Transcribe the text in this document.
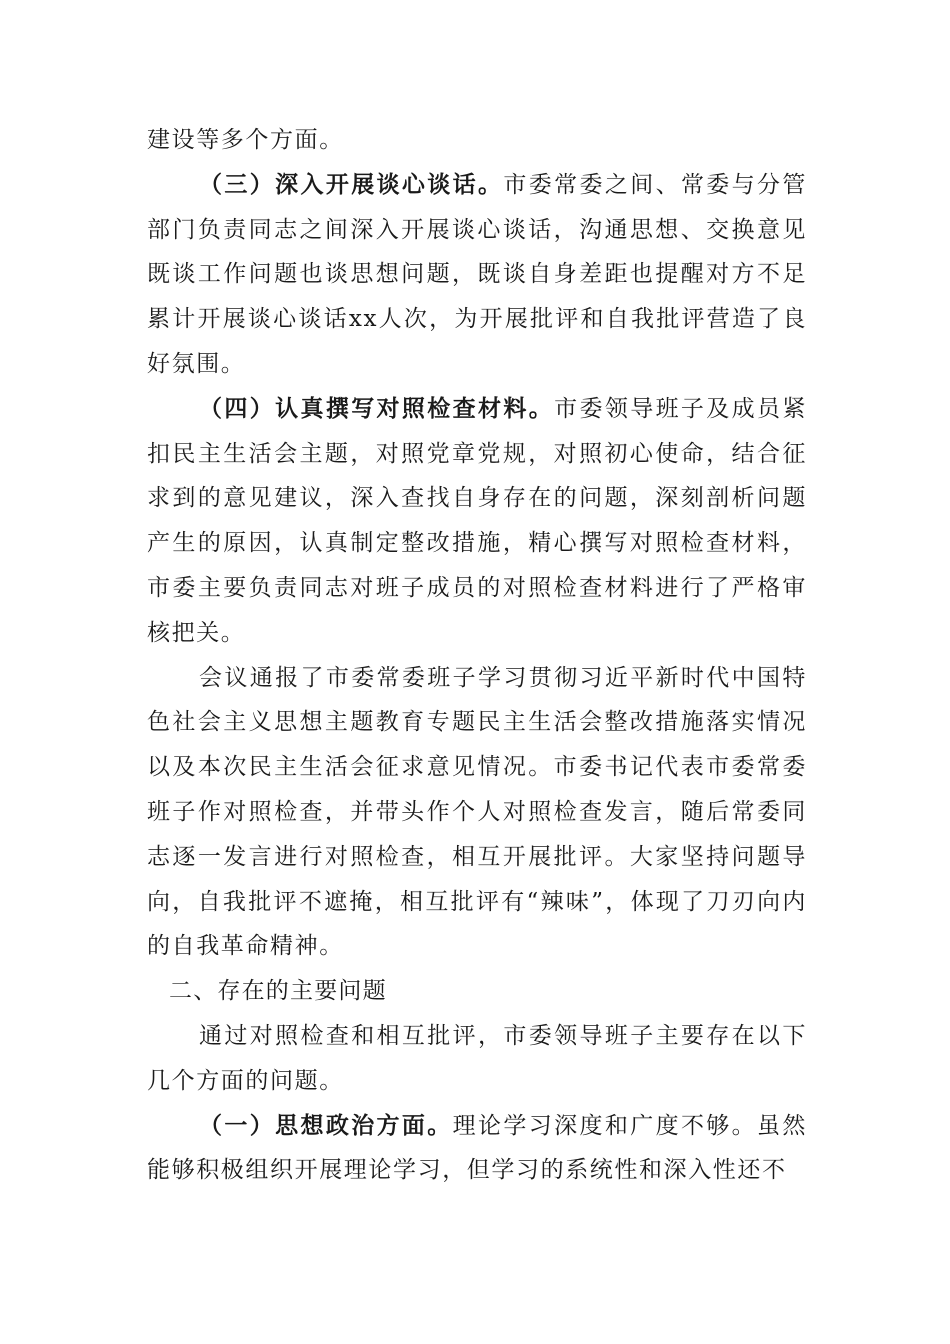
建设等多个方面。

（三）深入开展谈心谈话。市委常委之间、常委与分管部门负责同志之间深入开展谈心谈话，沟通思想、交换意见既谈工作问题也谈思想问题，既谈自身差距也提醒对方不足累计开展谈心谈话xx人次，为开展批评和自我批评营造了良好氛围。

（四）认真撰写对照检查材料。市委领导班子及成员紧扣民主生活会主题，对照党章党规，对照初心使命，结合征求到的意见建议，深入查找自身存在的问题，深刻剖析问题产生的原因，认真制定整改措施，精心撰写对照检查材料，市委主要负责同志对班子成员的对照检查材料进行了严格审核把关。

会议通报了市委常委班子学习贯彻习近平新时代中国特色社会主义思想主题教育专题民主生活会整改措施落实情况以及本次民主生活会征求意见情况。市委书记代表市委常委班子作对照检查，并带头作个人对照检查发言，随后常委同志逐一发言进行对照检查，相互开展批评。大家坚持问题导向，自我批评不遮掩，相互批评有“辣味”，体现了刀刃向内的自我革命精神。

二、存在的主要问题

通过对照检查和相互批评，市委领导班子主要存在以下几个方面的问题。

（一）思想政治方面。理论学习深度和广度不够。虽然能够积极组织开展理论学习，但学习的系统性和深入性还不
